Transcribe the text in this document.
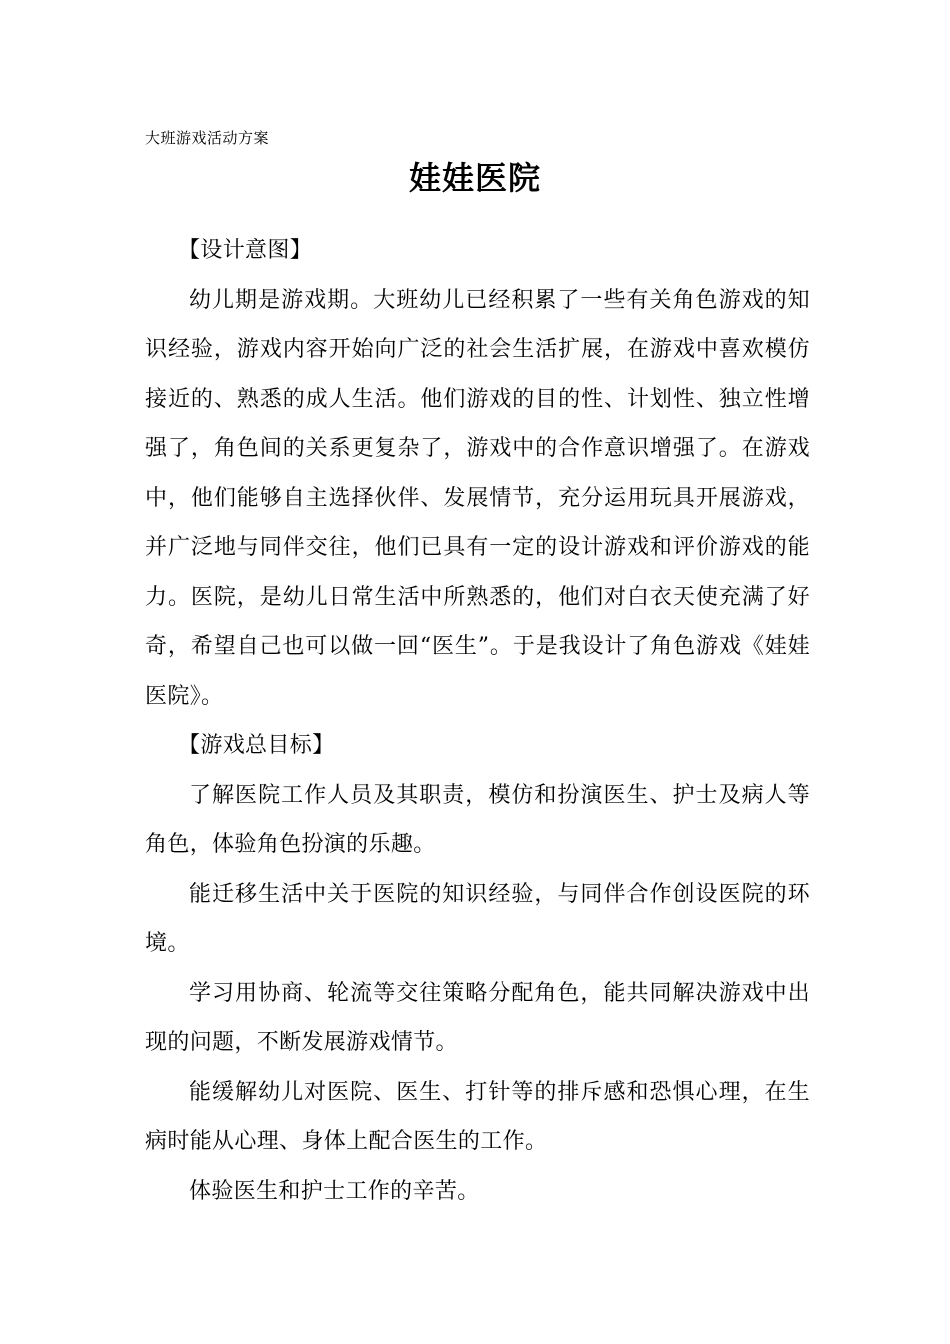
大班游戏活动方案
娃娃医院

【设计意图】

幼儿期是游戏期。大班幼儿已经积累了一些有关角色游戏的知识经验，游戏内容开始向广泛的社会生活扩展，在游戏中喜欢模仿接近的、熟悉的成人生活。他们游戏的目的性、计划性、独立性增强了，角色间的关系更复杂了，游戏中的合作意识增强了。在游戏中，他们能够自主选择伙伴、发展情节，充分运用玩具开展游戏，并广泛地与同伴交往，他们已具有一定的设计游戏和评价游戏的能力。医院，是幼儿日常生活中所熟悉的，他们对白衣天使充满了好奇，希望自己也可以做一回“医生”。于是我设计了角色游戏《娃娃医院》。

【游戏总目标】

了解医院工作人员及其职责，模仿和扮演医生、护士及病人等角色，体验角色扮演的乐趣。

能迁移生活中关于医院的知识经验，与同伴合作创设医院的环境。

学习用协商、轮流等交往策略分配角色，能共同解决游戏中出现的问题，不断发展游戏情节。

能缓解幼儿对医院、医生、打针等的排斥感和恐惧心理，在生病时能从心理、身体上配合医生的工作。

体验医生和护士工作的辛苦。
